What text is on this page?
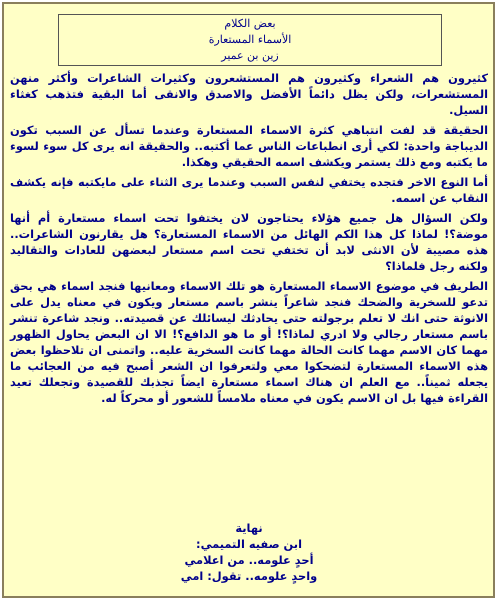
بعض الكلام
الأسماء المستعارة
زين بن عمير

كثيرون هم الشعراء وكثيرون هم المستشعرون وكثيرات الشاعرات وأكثر منهن المستشعرات، ولكن يظل دائماً الأفضل والاصدق والانقى أما البقية فتذهب كغثاء السيل.

الحقيقة قد لفت انتباهي كثرة الاسماء المستعارة وعندما تسأل عن السبب تكون الديباجة واحدة: لكي أرى انطباعات الناس عما أكتبه.. والحقيقة انه يرى كل سوء لسوء ما يكتبه ومع ذلك يستمر ويكشف اسمه الحقيقي وهكذا.

أما النوع الاخر فتجده يختفي لنفس السبب وعندما يرى الثناء على مايكتبه فإنه يكشف النقاب عن اسمه.

ولكن السؤال هل جميع هؤلاء يحتاجون لان يختفوا تحت اسماء مستعارة أم أنها موضة؟! لماذا كل هذا الكم الهائل من الاسماء المستعارة؟ هل يقارنون الشاعرات.. هذه مصيبة لأن الانثى لابد أن تختفي تحت اسم مستعار لبعضهن للعادات والتقاليد ولكنه رجل فلماذا؟

الطريف في موضوع الاسماء المستعارة هو تلك الاسماء ومعانيها فنجد اسماء هي بحق تدعو للسخرية والضحك فنجد شاعراً ينشر باسم مستعار ويكون في معناه يدل على الانوثة حتى انك لا تعلم برجولته حتى يحادثك ليسائلك عن قصيدته.. ونجد شاعرة تنشر باسم مستعار رجالي ولا ادري لماذا؟! أو ما هو الدافع؟! الا ان البعض يحاول الظهور مهما كان الاسم مهما كانت الحالة مهما كانت السخرية عليه.. واتمنى ان تلاحظوا بعض هذه الاسماء المستعارة لتضحكوا معي ولتعرفوا ان الشعر أصبح فيه من العجائب ما يجعله ثميناً.. مع العلم ان هناك اسماء مستعارة ايضاً تجذبك للقصيدة وتجعلك تعيد القراءة فيها بل ان الاسم يكون في معناه ملامساً للشعور أو محركاً له.

نهاية
ابن صفيه التميمي:
أحدٍ علومه.. من اعلامي
واحدٍ علومه.. تقول: امي
